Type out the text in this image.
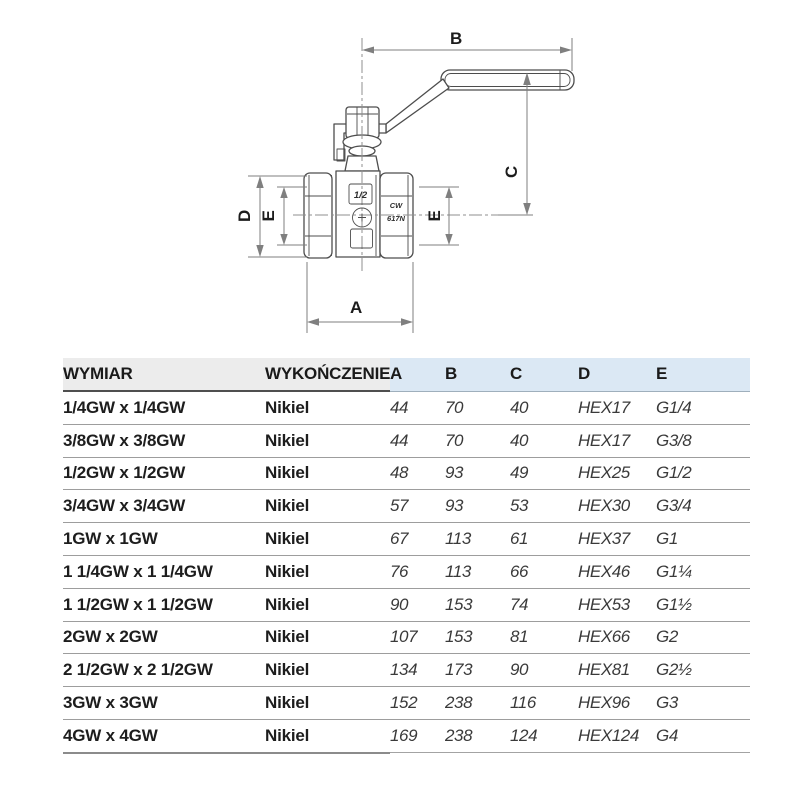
1/2
CW
617N
B
C
D E	E
A
WYMIAR	WYKOŃCZENIE	A	B	C	D	E
1/4GW x 1/4GW	Nikiel	44	70	40	HEX17	G1/4
3/8GW x 3/8GW	Nikiel	44	70	40	HEX17	G3/8
1/2GW x 1/2GW	Nikiel	48	93	49	HEX25	G1/2
3/4GW x 3/4GW	Nikiel	57	93	53	HEX30	G3/4
1GW x 1GW	Nikiel	67	113	61	HEX37	G1
1 1/4GW x 1 1/4GW	Nikiel	76	113	66	HEX46	G1¼
1 1/2GW x 1 1/2GW	Nikiel	90	153	74	HEX53	G1½
2GW x 2GW	Nikiel	107	153	81	HEX66	G2
2 1/2GW x 2 1/2GW	Nikiel	134	173	90	HEX81	G2½
3GW x 3GW	Nikiel	152	238	116	HEX96	G3
4GW x 4GW	Nikiel	169	238	124	HEX124	G4
